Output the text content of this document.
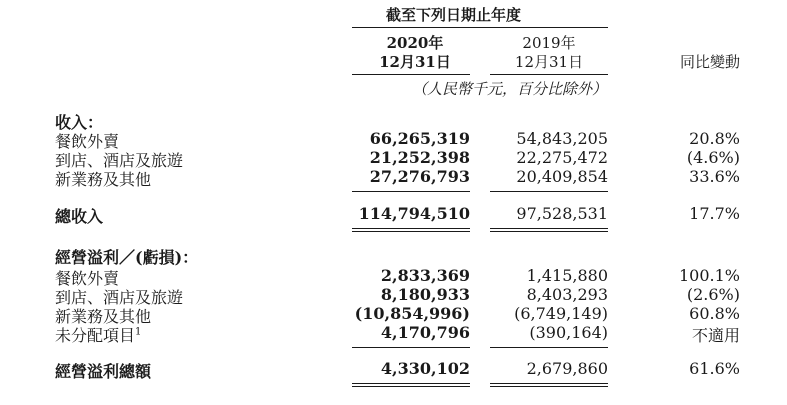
截至下列日期止年度
2020年
12月31日
2019年
12月31日	同比變動
（人民幣千元，百分比除外）
收入：
餐飲外賣	66,265,319	54,843,205	20.8%
到店、酒店及旅遊	21,252,398	22,275,472	(4.6%)
新業務及其他	27,276,793	20,409,854	33.6%
總收入	114,794,510	97,528,531	17.7%
經營溢利／(虧損)：
餐飲外賣	2,833,369	1,415,880	100.1%
到店、酒店及旅遊	8,180,933	8,403,293	(2.6%)
新業務及其他	(10,854,996)	(6,749,149)	60.8%
未分配項目$^1$	4,170,796	(390,164)	不適用
經營溢利總額	4,330,102	2,679,860	61.6%
